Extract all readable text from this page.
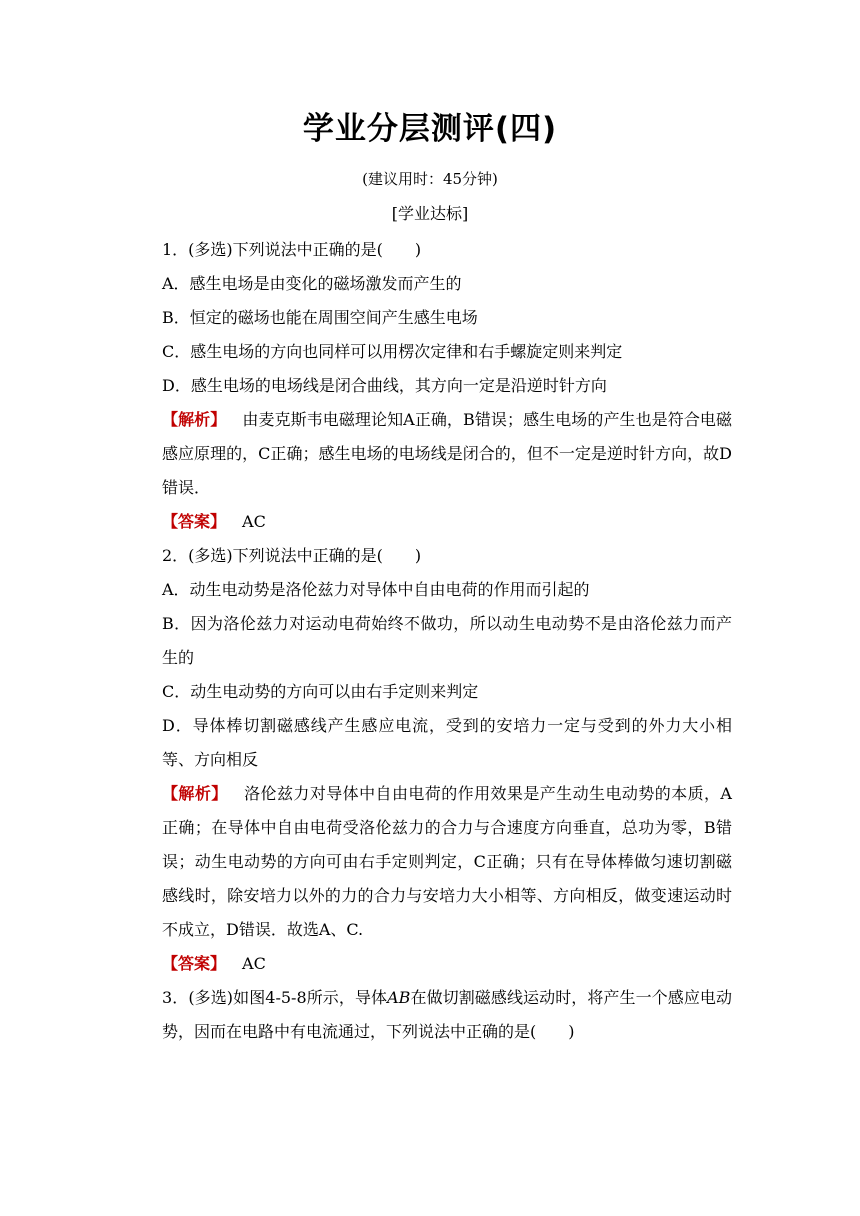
学业分层测评(四)
(建议用时：45分钟)
[学业达标]

1．(多选)下列说法中正确的是(　　)

A．感生电场是由变化的磁场激发而产生的

B．恒定的磁场也能在周围空间产生感生电场

C．感生电场的方向也同样可以用楞次定律和右手螺旋定则来判定

D．感生电场的电场线是闭合曲线，其方向一定是沿逆时针方向

【解析】 由麦克斯韦电磁理论知A正确，B错误；感生电场的产生也是符合电磁感应原理的，C正确；感生电场的电场线是闭合的，但不一定是逆时针方向，故D错误．

【答案】 AC

2．(多选)下列说法中正确的是(　　)

A．动生电动势是洛伦兹力对导体中自由电荷的作用而引起的

B．因为洛伦兹力对运动电荷始终不做功，所以动生电动势不是由洛伦兹力而产生的

C．动生电动势的方向可以由右手定则来判定

D．导体棒切割磁感线产生感应电流，受到的安培力一定与受到的外力大小相等、方向相反

【解析】 洛伦兹力对导体中自由电荷的作用效果是产生动生电动势的本质，A正确；在导体中自由电荷受洛伦兹力的合力与合速度方向垂直，总功为零，B错误；动生电动势的方向可由右手定则判定，C正确；只有在导体棒做匀速切割磁感线时，除安培力以外的力的合力与安培力大小相等、方向相反，做变速运动时不成立，D错误．故选A、C.

【答案】 AC

3．(多选)如图4-5-8所示，导体AB在做切割磁感线运动时，将产生一个感应电动势，因而在电路中有电流通过，下列说法中正确的是(　　)
